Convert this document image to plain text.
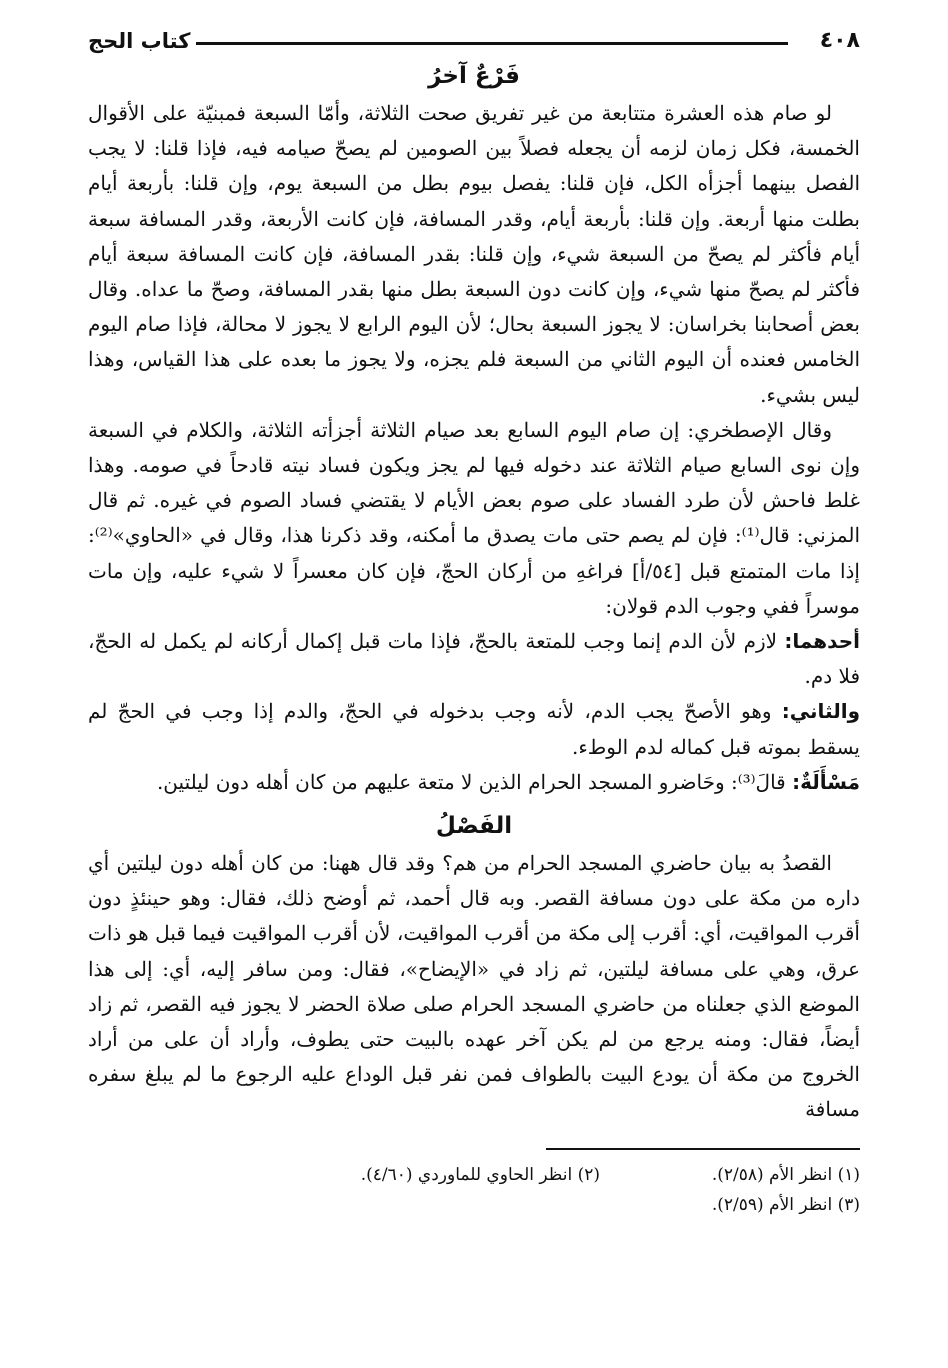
٤٠٨
كتاب الحج
فَرْعٌ آخرُ

لو صام هذه العشرة متتابعة من غير تفريق صحت الثلاثة، وأمّا السبعة فمبنيّة على الأقوال الخمسة، فكل زمان لزمه أن يجعله فصلاً بين الصومين لم يصحّ صيامه فيه، فإذا قلنا: لا يجب الفصل بينهما أجزأه الكل، فإن قلنا: يفصل بيوم بطل من السبعة يوم، وإن قلنا: بأربعة أيام بطلت منها أربعة. وإن قلنا: بأربعة أيام، وقدر المسافة، فإن كانت الأربعة، وقدر المسافة سبعة أيام فأكثر لم يصحّ من السبعة شيء، وإن قلنا: بقدر المسافة، فإن كانت المسافة سبعة أيام فأكثر لم يصحّ منها شيء، وإن كانت دون السبعة بطل منها بقدر المسافة، وصحّ ما عداه. وقال بعض أصحابنا بخراسان: لا يجوز السبعة بحال؛ لأن اليوم الرابع لا يجوز لا محالة، فإذا صام اليوم الخامس فعنده أن اليوم الثاني من السبعة فلم يجزه، ولا يجوز ما بعده على هذا القياس، وهذا ليس بشيء.

وقال الإصطخري: إن صام اليوم السابع بعد صيام الثلاثة أجزأته الثلاثة، والكلام في السبعة وإن نوى السابع صيام الثلاثة عند دخوله فيها لم يجز ويكون فساد نيته قادحاً في صومه. وهذا غلط فاحش لأن طرد الفساد على صوم بعض الأيام لا يقتضي فساد الصوم في غيره. ثم قال المزني: قال⁽¹⁾: فإن لم يصم حتى مات يصدق ما أمكنه، وقد ذكرنا هذا، وقال في «الحاوي»⁽²⁾: إذا مات المتمتع قبل [٥٤/أ] فراغهِ من أركان الحجّ، فإن كان معسراً لا شيء عليه، وإن مات موسراً ففي وجوب الدم قولان:

أحدهما: لازم لأن الدم إنما وجب للمتعة بالحجّ، فإذا مات قبل إكمال أركانه لم يكمل له الحجّ، فلا دم.

والثاني: وهو الأصحّ يجب الدم، لأنه وجب بدخوله في الحجّ، والدم إذا وجب في الحجّ لم يسقط بموته قبل كماله لدم الوطء.

مَسْأَلَةٌ: قالَ⁽³⁾: وحَاضرو المسجد الحرام الذين لا متعة عليهم من كان أهله دون ليلتين.

الفَصْلُ

القصدُ به بيان حاضري المسجد الحرام من هم؟ وقد قال ههنا: من كان أهله دون ليلتين أي داره من مكة على دون مسافة القصر. وبه قال أحمد، ثم أوضح ذلك، فقال: وهو حينئذٍ دون أقرب المواقيت، أي: أقرب إلى مكة من أقرب المواقيت، لأن أقرب المواقيت فيما قبل هو ذات عرق، وهي على مسافة ليلتين، ثم زاد في «الإيضاح»، فقال: ومن سافر إليه، أي: إلى هذا الموضع الذي جعلناه من حاضري المسجد الحرام صلى صلاة الحضر لا يجوز فيه القصر، ثم زاد أيضاً، فقال: ومنه يرجع من لم يكن آخر عهده بالبيت حتى يطوف، وأراد أن على من أراد الخروج من مكة أن يودع البيت بالطواف فمن نفر قبل الوداع عليه الرجوع ما لم يبلغ سفره مسافة

(١) انظر الأم (٢/٥٨).
(٢) انظر الحاوي للماوردي (٤/٦٠).
(٣) انظر الأم (٢/٥٩).
